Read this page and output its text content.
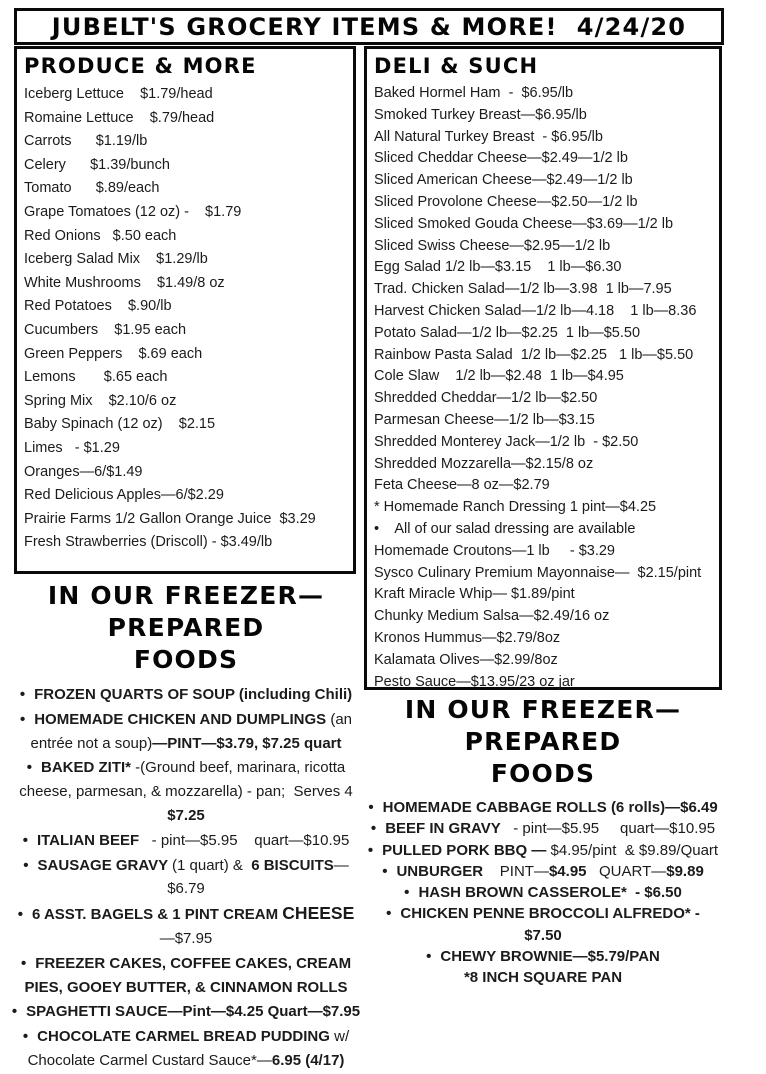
JUBELT'S GROCERY ITEMS & MORE!  4/24/20
PRODUCE & MORE
Iceberg Lettuce    $1.79/head
Romaine Lettuce    $.79/head
Carrots      $1.19/lb
Celery      $1.39/bunch
Tomato      $.89/each
Grape Tomatoes (12 oz) -    $1.79
Red Onions   $.50 each
Iceberg Salad Mix    $1.29/lb
White Mushrooms    $1.49/8 oz
Red Potatoes    $.90/lb
Cucumbers    $1.95 each
Green Peppers    $.69 each
Lemons       $.65 each
Spring Mix    $2.10/6 oz
Baby Spinach (12 oz)    $2.15
Limes   - $1.29
Oranges—6/$1.49
Red Delicious Apples—6/$2.29
Prairie Farms 1/2 Gallon Orange Juice  $3.29
Fresh Strawberries (Driscoll) - $3.49/lb
DELI & SUCH
Baked Hormel Ham  -  $6.95/lb
Smoked Turkey Breast—$6.95/lb
All Natural Turkey Breast  - $6.95/lb
Sliced Cheddar Cheese—$2.49—1/2 lb
Sliced American Cheese—$2.49—1/2 lb
Sliced Provolone Cheese—$2.50—1/2 lb
Sliced Smoked Gouda Cheese—$3.69—1/2 lb
Sliced Swiss Cheese—$2.95—1/2 lb
Egg Salad 1/2 lb—$3.15    1 lb—$6.30
Trad. Chicken Salad—1/2 lb—3.98  1 lb—7.95
Harvest Chicken Salad—1/2 lb—4.18    1 lb—8.36
Potato Salad—1/2 lb—$2.25  1 lb—$5.50
Rainbow Pasta Salad  1/2 lb—$2.25   1 lb—$5.50
Cole Slaw    1/2 lb—$2.48  1 lb—$4.95
Shredded Cheddar—1/2 lb—$2.50
Parmesan Cheese—1/2 lb—$3.15
Shredded Monterey Jack—1/2 lb  - $2.50
Shredded Mozzarella—$2.15/8 oz
Feta Cheese—8 oz—$2.79
* Homemade Ranch Dressing 1 pint—$4.25
•    All of our salad dressing are available
Homemade Croutons—1 lb     - $3.29
Sysco Culinary Premium Mayonnaise—  $2.15/pint
Kraft Miracle Whip— $1.89/pint
Chunky Medium Salsa—$2.49/16 oz
Kronos Hummus—$2.79/8oz
Kalamata Olives—$2.99/8oz
Pesto Sauce—$13.95/23 oz jar
IN OUR FREEZER—PREPARED
FOODS
• FROZEN QUARTS OF SOUP (including Chili)
• HOMEMADE CHICKEN AND DUMPLINGS (an entrée not a soup)—PINT—$3.79, $7.25 quart
• BAKED ZITI* -(Ground beef, marinara, ricotta cheese, parmesan, & mozzarella) - pan;  Serves 4  $7.25
• ITALIAN BEEF   - pint—$5.95    quart—$10.95
• SAUSAGE GRAVY (1 quart) &  6 BISCUITS—$6.79
• 6 ASST. BAGELS & 1 PINT CREAM CHEESE —$7.95
• FREEZER CAKES, COFFEE CAKES, CREAM PIES, GOOEY BUTTER, & CINNAMON ROLLS
• SPAGHETTI SAUCE—Pint—$4.25 Quart—$7.95
• CHOCOLATE CARMEL BREAD PUDDING w/ Chocolate Carmel Custard Sauce*—6.95 (4/17)
IN OUR FREEZER—PREPARED
FOODS
• HOMEMADE CABBAGE ROLLS (6 rolls)—$6.49
• BEEF IN GRAVY   - pint—$5.95     quart—$10.95
• PULLED PORK BBQ — $4.95/pint  & $9.89/Quart
• UNBURGER    PINT—$4.95   QUART—$9.89
• HASH BROWN CASSEROLE*  - $6.50
• CHICKEN PENNE BROCCOLI ALFREDO* -   $7.50
• CHEWY BROWNIE—$5.79/PAN
*8 INCH SQUARE PAN
